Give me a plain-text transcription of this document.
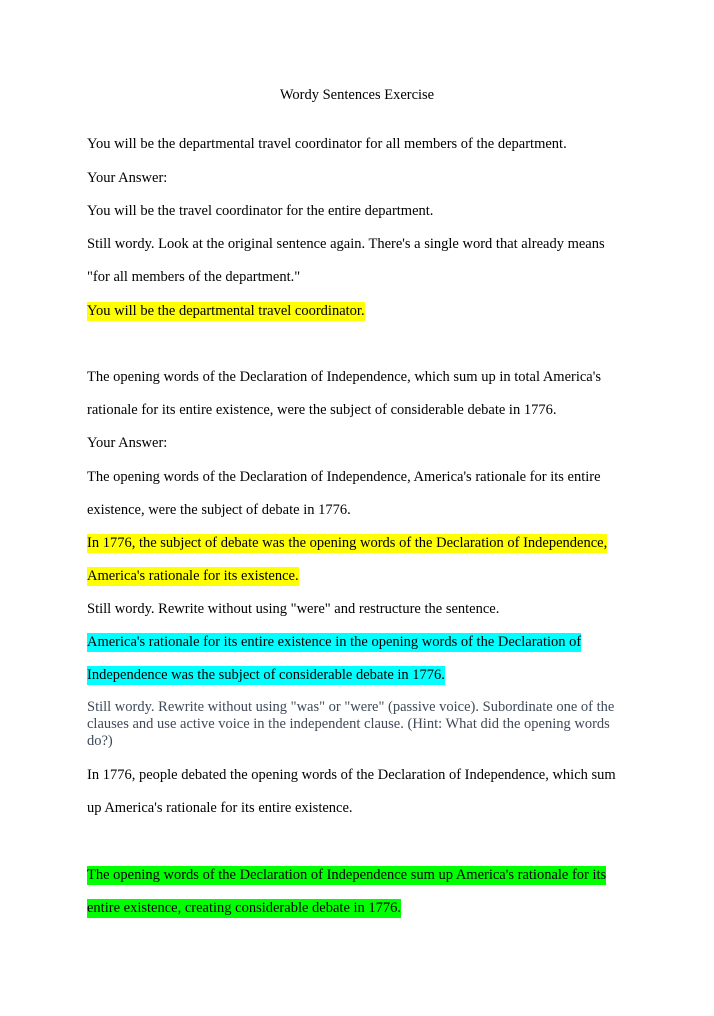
Wordy Sentences Exercise
You will be the departmental travel coordinator for all members of the department.
Your Answer:
You will be the travel coordinator for the entire department.
Still wordy. Look at the original sentence again. There's a single word that already means
"for all members of the department."
You will be the departmental travel coordinator.
The opening words of the Declaration of Independence, which sum up in total America's
rationale for its entire existence, were the subject of considerable debate in 1776.
Your Answer:
The opening words of the Declaration of Independence, America's rationale for its entire
existence, were the subject of debate in 1776.
In 1776, the subject of debate was the opening words of the Declaration of Independence,
America's rationale for its existence.
Still wordy. Rewrite without using "were" and restructure the sentence.
America's rationale for its entire existence in the opening words of the Declaration of
Independence was the subject of considerable debate in 1776.
Still wordy. Rewrite without using "was" or "were" (passive voice). Subordinate one of the clauses and use active voice in the independent clause. (Hint: What did the opening words do?)
In 1776, people debated the opening words of the Declaration of Independence, which sum
up America's rationale for its entire existence.
The opening words of the Declaration of Independence sum up America's rationale for its
entire existence, creating considerable debate in 1776.
